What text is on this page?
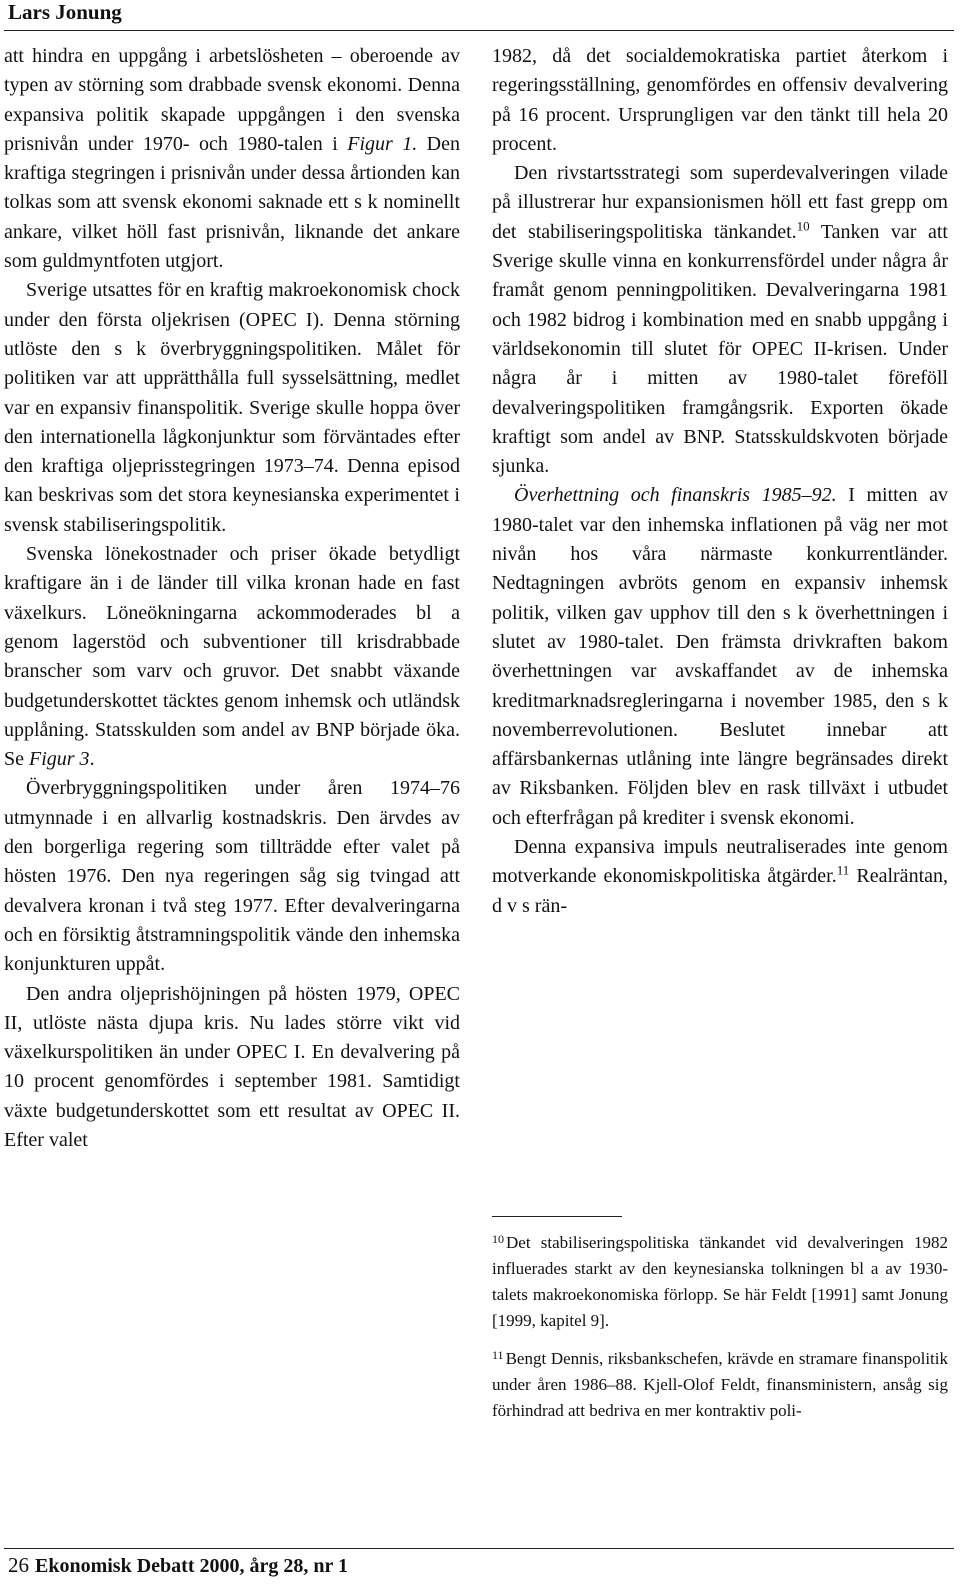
Lars Jonung

att hindra en uppgång i arbetslösheten – oberoende av typen av störning som drabbade svensk ekonomi. Denna expansiva politik skapade uppgången i den svenska prisnivån under 1970- och 1980-talen i Figur 1. Den kraftiga stegringen i prisnivån under dessa årtionden kan tolkas som att svensk ekonomi saknade ett s k nominellt ankare, vilket höll fast prisnivån, liknande det ankare som guldmyntfoten utgjort.

Sverige utsattes för en kraftig makroekonomisk chock under den första oljekrisen (OPEC I). Denna störning utlöste den s k överbryggningspolitiken. Målet för politiken var att upprätthålla full sysselsättning, medlet var en expansiv finanspolitik. Sverige skulle hoppa över den internationella lågkonjunktur som förväntades efter den kraftiga oljeprisstegringen 1973–74. Denna episod kan beskrivas som det stora keynesianska experimentet i svensk stabiliseringspolitik.

Svenska lönekostnader och priser ökade betydligt kraftigare än i de länder till vilka kronan hade en fast växelkurs. Löneökningarna ackommoderades bl a genom lagerstöd och subventioner till krisdrabbade branscher som varv och gruvor. Det snabbt växande budgetunderskottet täcktes genom inhemsk och utländsk upplåning. Statsskulden som andel av BNP började öka. Se Figur 3.

Överbryggningspolitiken under åren 1974–76 utmynnade i en allvarlig kostnadskris. Den ärvdes av den borgerliga regering som tillträdde efter valet på hösten 1976. Den nya regeringen såg sig tvingad att devalvera kronan i två steg 1977. Efter devalveringarna och en försiktig åtstramningspolitik vände den inhemska konjunkturen uppåt.

Den andra oljeprishöjningen på hösten 1979, OPEC II, utlöste nästa djupa kris. Nu lades större vikt vid växelkurspolitiken än under OPEC I. En devalvering på 10 procent genomfördes i september 1981. Samtidigt växte budgetunderskottet som ett resultat av OPEC II. Efter valet

1982, då det socialdemokratiska partiet återkom i regeringsställning, genomfördes en offensiv devalvering på 16 procent. Ursprungligen var den tänkt till hela 20 procent.

Den rivstartsstrategi som superdevalveringen vilade på illustrerar hur expansionismen höll ett fast grepp om det stabiliseringspolitiska tänkandet.$^{10}$ Tanken var att Sverige skulle vinna en konkurrensfördel under några år framåt genom penningpolitiken. Devalveringarna 1981 och 1982 bidrog i kombination med en snabb uppgång i världsekonomin till slutet för OPEC II-krisen. Under några år i mitten av 1980-talet föreföll devalveringspolitiken framgångsrik. Exporten ökade kraftigt som andel av BNP. Statsskuldskvoten började sjunka.

Överhettning och finanskris 1985–92. I mitten av 1980-talet var den inhemska inflationen på väg ner mot nivån hos våra närmaste konkurrentländer. Nedtagningen avbröts genom en expansiv inhemsk politik, vilken gav upphov till den s k överhettningen i slutet av 1980-talet. Den främsta drivkraften bakom överhettningen var avskaffandet av de inhemska kreditmarknadsregleringarna i november 1985, den s k novemberrevolutionen. Beslutet innebar att affärsbankernas utlåning inte längre begränsades direkt av Riksbanken. Följden blev en rask tillväxt i utbudet och efterfrågan på krediter i svensk ekonomi.

Denna expansiva impuls neutraliserades inte genom motverkande ekonomiskpolitiska åtgärder.$^{11}$ Realräntan, d v s rän-

$^{10}$ Det stabiliseringspolitiska tänkandet vid devalveringen 1982 influerades starkt av den keynesianska tolkningen bl a av 1930-talets makroekonomiska förlopp. Se här Feldt [1991] samt Jonung [1999, kapitel 9].

$^{11}$ Bengt Dennis, riksbankschefen, krävde en stramare finanspolitik under åren 1986–88. Kjell-Olof Feldt, finansministern, ansåg sig förhindrad att bedriva en mer kontraktiv poli-

26 Ekonomisk Debatt 2000, årg 28, nr 1
